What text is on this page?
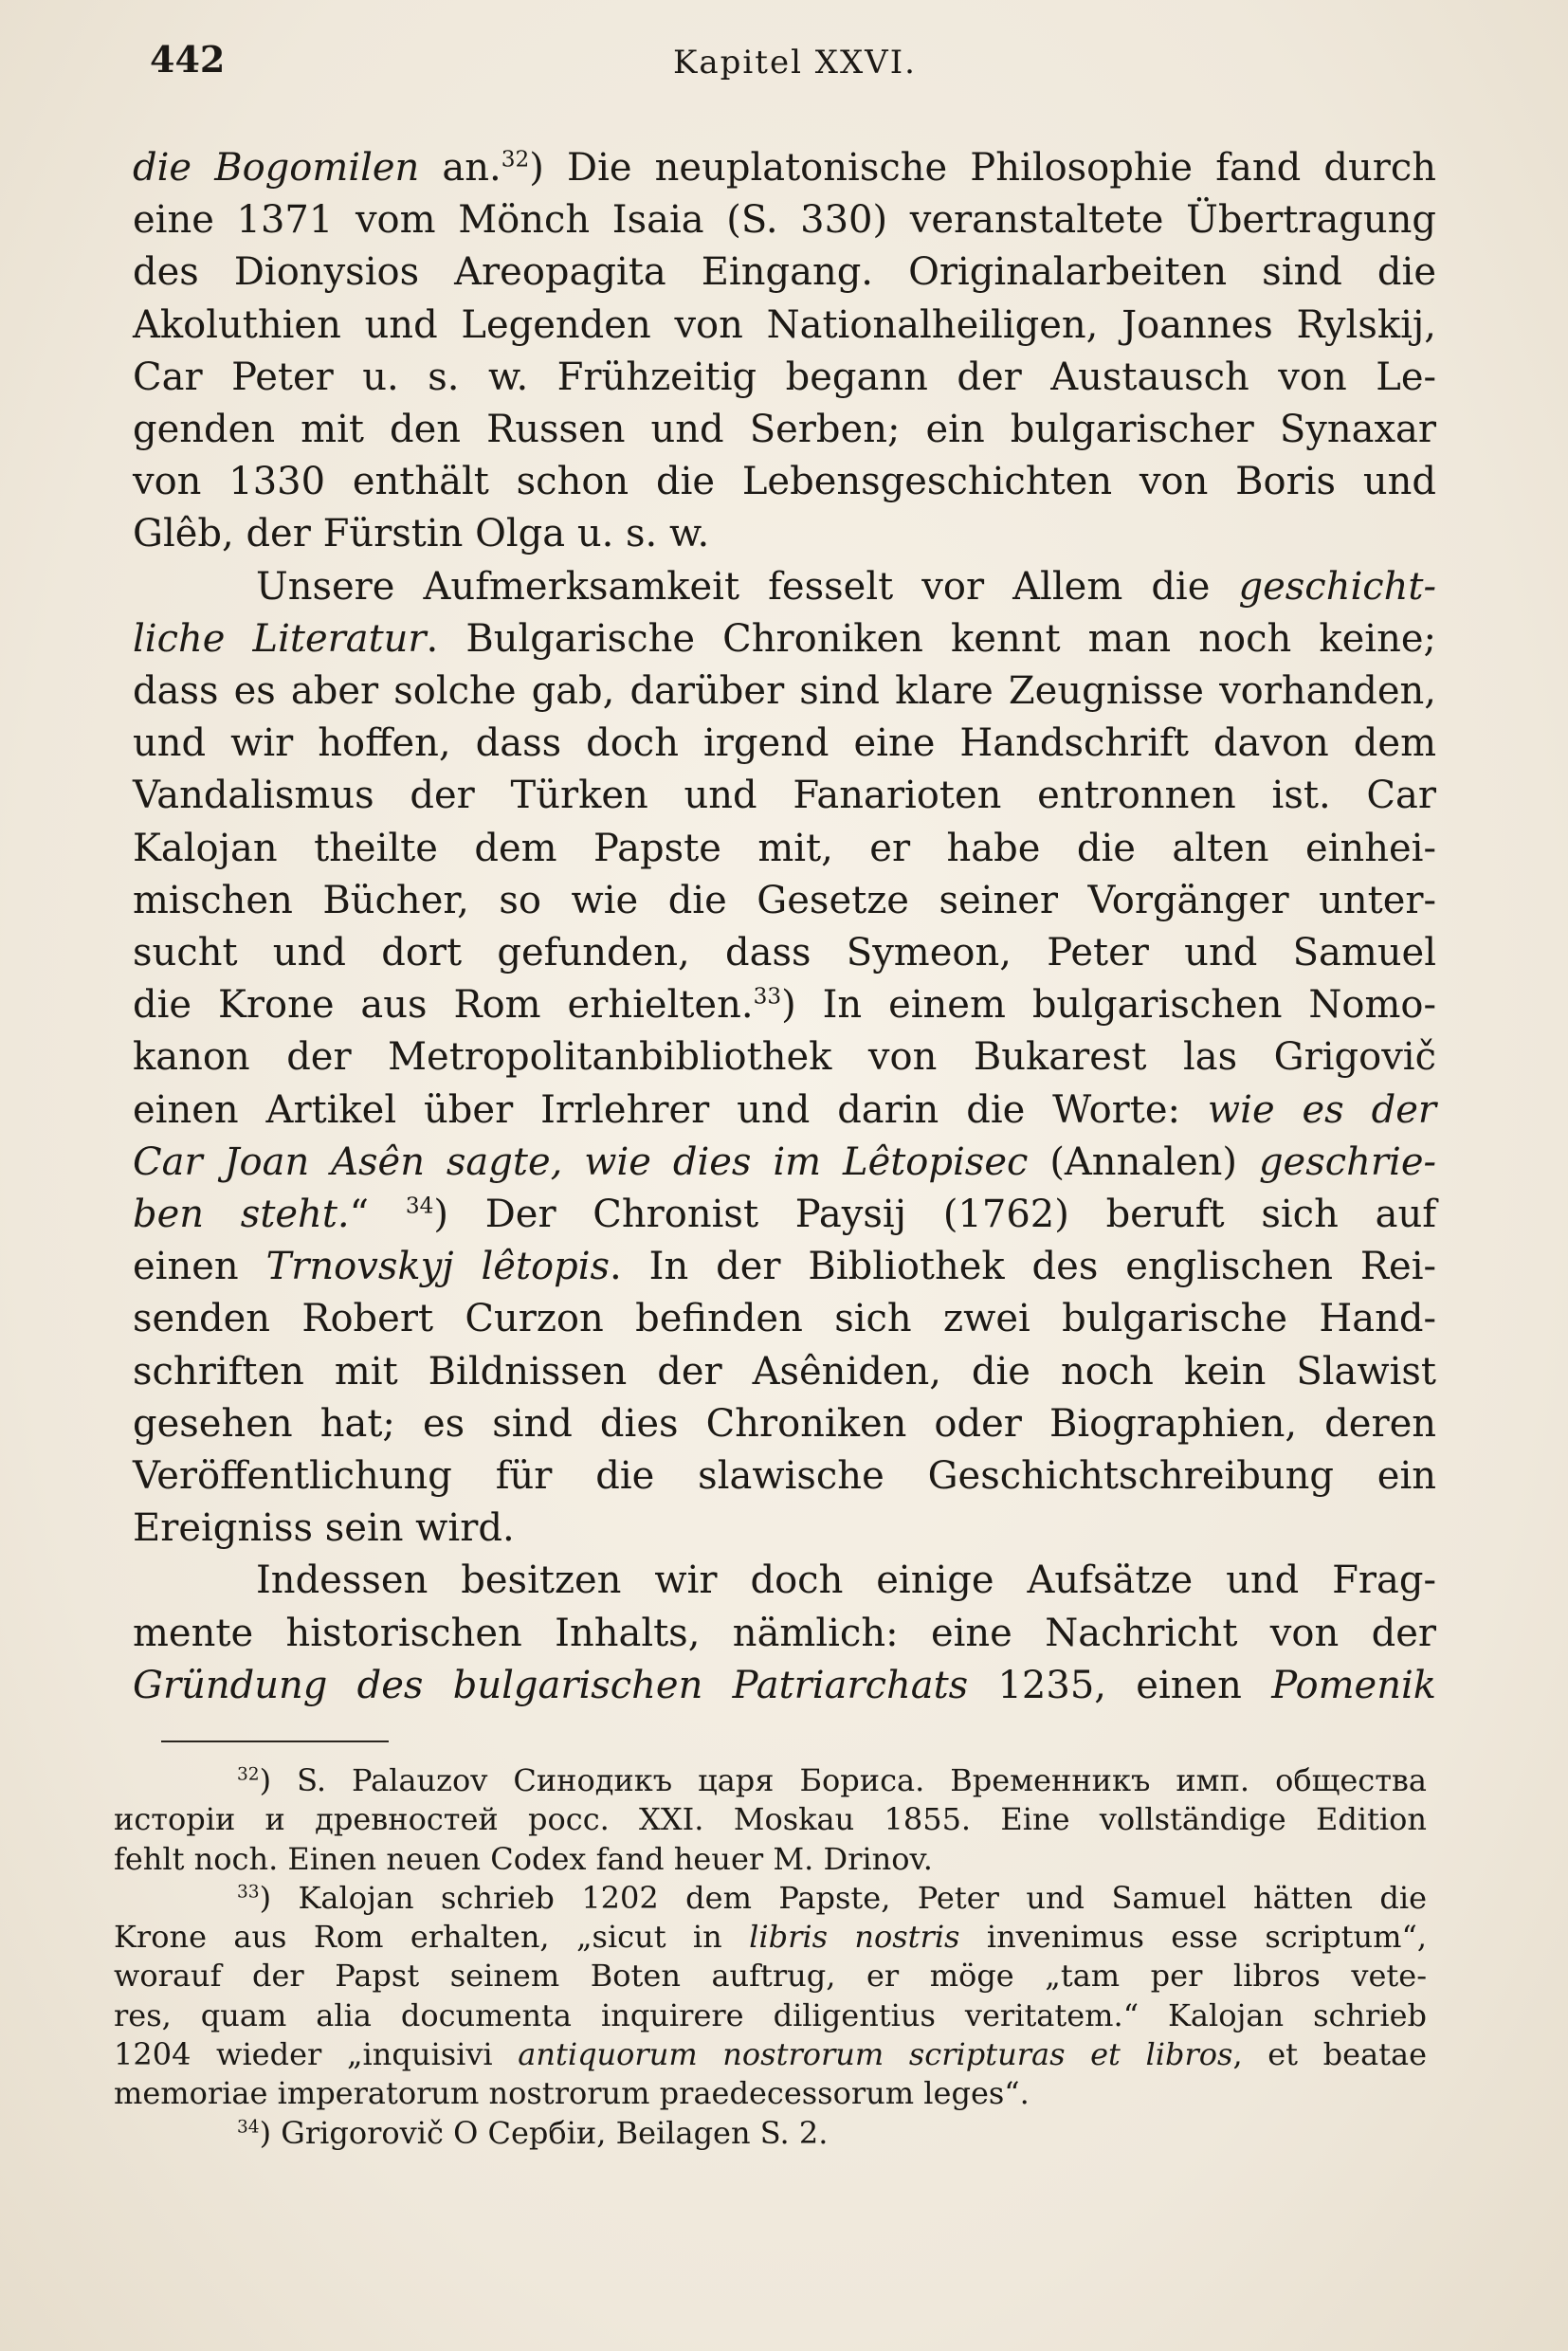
442	Kapitel XXVI.
die Bogomilen an.$^{32}$) Die neuplatonische Philosophie fand durch
eine 1371 vom Mönch Isaia (S. 330) veranstaltete Übertragung
des Dionysios Areopagita Eingang. Originalarbeiten sind die
Akoluthien und Legenden von Nationalheiligen, Joannes Rylskij,
Car Peter u. s. w. Frühzeitig begann der Austausch von Le-
genden mit den Russen und Serben; ein bulgarischer Synaxar
von 1330 enthält schon die Lebensgeschichten von Boris und
Glêb, der Fürstin Olga u. s. w.
Unsere Aufmerksamkeit fesselt vor Allem die geschicht-
liche Literatur. Bulgarische Chroniken kennt man noch keine;
dass es aber solche gab, darüber sind klare Zeugnisse vorhanden,
und wir hoffen, dass doch irgend eine Handschrift davon dem
Vandalismus der Türken und Fanarioten entronnen ist. Car
Kalojan theilte dem Papste mit, er habe die alten einhei-
mischen Bücher, so wie die Gesetze seiner Vorgänger unter-
sucht und dort gefunden, dass Symeon, Peter und Samuel
die Krone aus Rom erhielten.$^{33}$) In einem bulgarischen Nomo-
kanon der Metropolitanbibliothek von Bukarest las Grigovič
einen Artikel über Irrlehrer und darin die Worte: wie es der
Car Joan Asên sagte, wie dies im Lêtopisec (Annalen) geschrie-
ben steht.“ $^{34}$) Der Chronist Paysij (1762) beruft sich auf
einen Trnovskyj lêtopis. In der Bibliothek des englischen Rei-
senden Robert Curzon befinden sich zwei bulgarische Hand-
schriften mit Bildnissen der Asêniden, die noch kein Slawist
gesehen hat; es sind dies Chroniken oder Biographien, deren
Veröffentlichung für die slawische Geschichtschreibung ein
Ereigniss sein wird.
Indessen besitzen wir doch einige Aufsätze und Frag-
mente historischen Inhalts, nämlich: eine Nachricht von der
Gründung des bulgarischen Patriarchats 1235, einen Pomenik
$^{32}$) S. Palauzov Синодикъ царя Бориса. Временникъ имп. общества
исторіи и древностей росс. XXI. Moskau 1855. Eine vollständige Edition
fehlt noch. Einen neuen Codex fand heuer M. Drinov.
$^{33}$) Kalojan schrieb 1202 dem Papste, Peter und Samuel hätten die
Krone aus Rom erhalten, „sicut in libris nostris invenimus esse scriptum“,
worauf der Papst seinem Boten auftrug, er möge „tam per libros vete-
res, quam alia documenta inquirere diligentius veritatem.“ Kalojan schrieb
1204 wieder „inquisivi antiquorum nostrorum scripturas et libros, et beatae
memoriae imperatorum nostrorum praedecessorum leges“.
$^{34}$) Grigorovič O Сербіи, Beilagen S. 2.
